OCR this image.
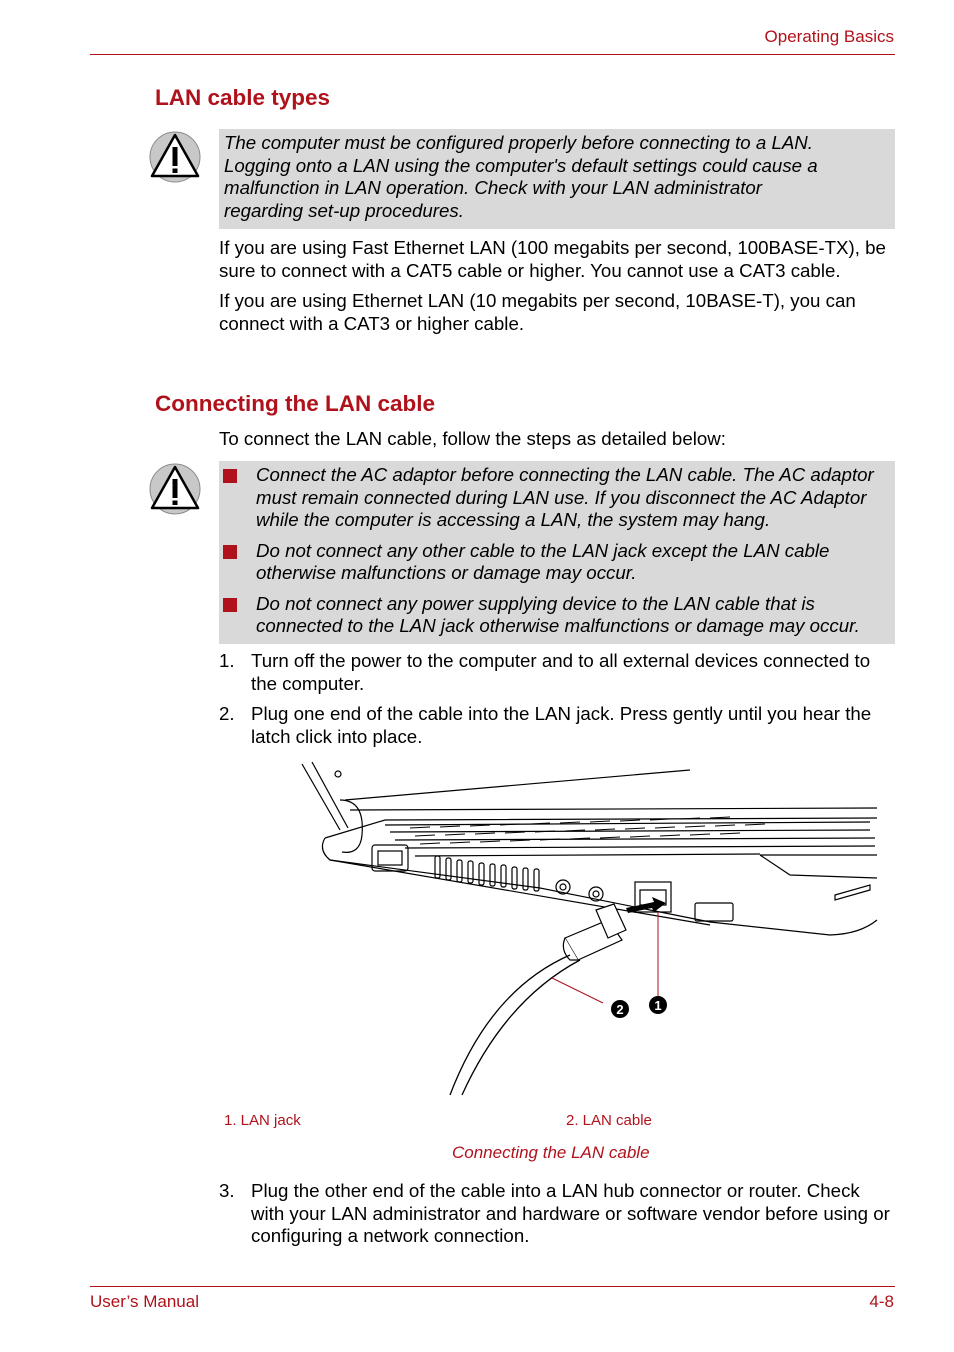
Operating Basics
LAN cable types
The computer must be configured properly before connecting to a LAN.
Logging onto a LAN using the computer's default settings could cause a
malfunction in LAN operation. Check with your LAN administrator
regarding set-up procedures.

If you are using Fast Ethernet LAN (100 megabits per second, 100BASE-TX), be sure to connect with a CAT5 cable or higher. You cannot use a CAT3 cable.

If you are using Ethernet LAN (10 megabits per second, 10BASE-T), you can connect with a CAT3 or higher cable.

Connecting the LAN cable
To connect the LAN cable, follow the steps as detailed below:
Connect the AC adaptor before connecting the LAN cable. The AC adaptor must remain connected during LAN use. If you disconnect the AC Adaptor while the computer is accessing a LAN, the system may hang.
Do not connect any other cable to the LAN jack except the LAN cable otherwise malfunctions or damage may occur.
Do not connect any power supplying device to the LAN cable that is connected to the LAN jack otherwise malfunctions or damage may occur.
1. Turn off the power to the computer and to all external devices connected to the computer.
2. Plug one end of the cable into the LAN jack. Press gently until you hear the latch click into place.
2 1
1. LAN jack	2. LAN cable
Connecting the LAN cable
3. Plug the other end of the cable into a LAN hub connector or router. Check with your LAN administrator and hardware or software vendor before using or configuring a network connection.
User’s Manual	4-8
